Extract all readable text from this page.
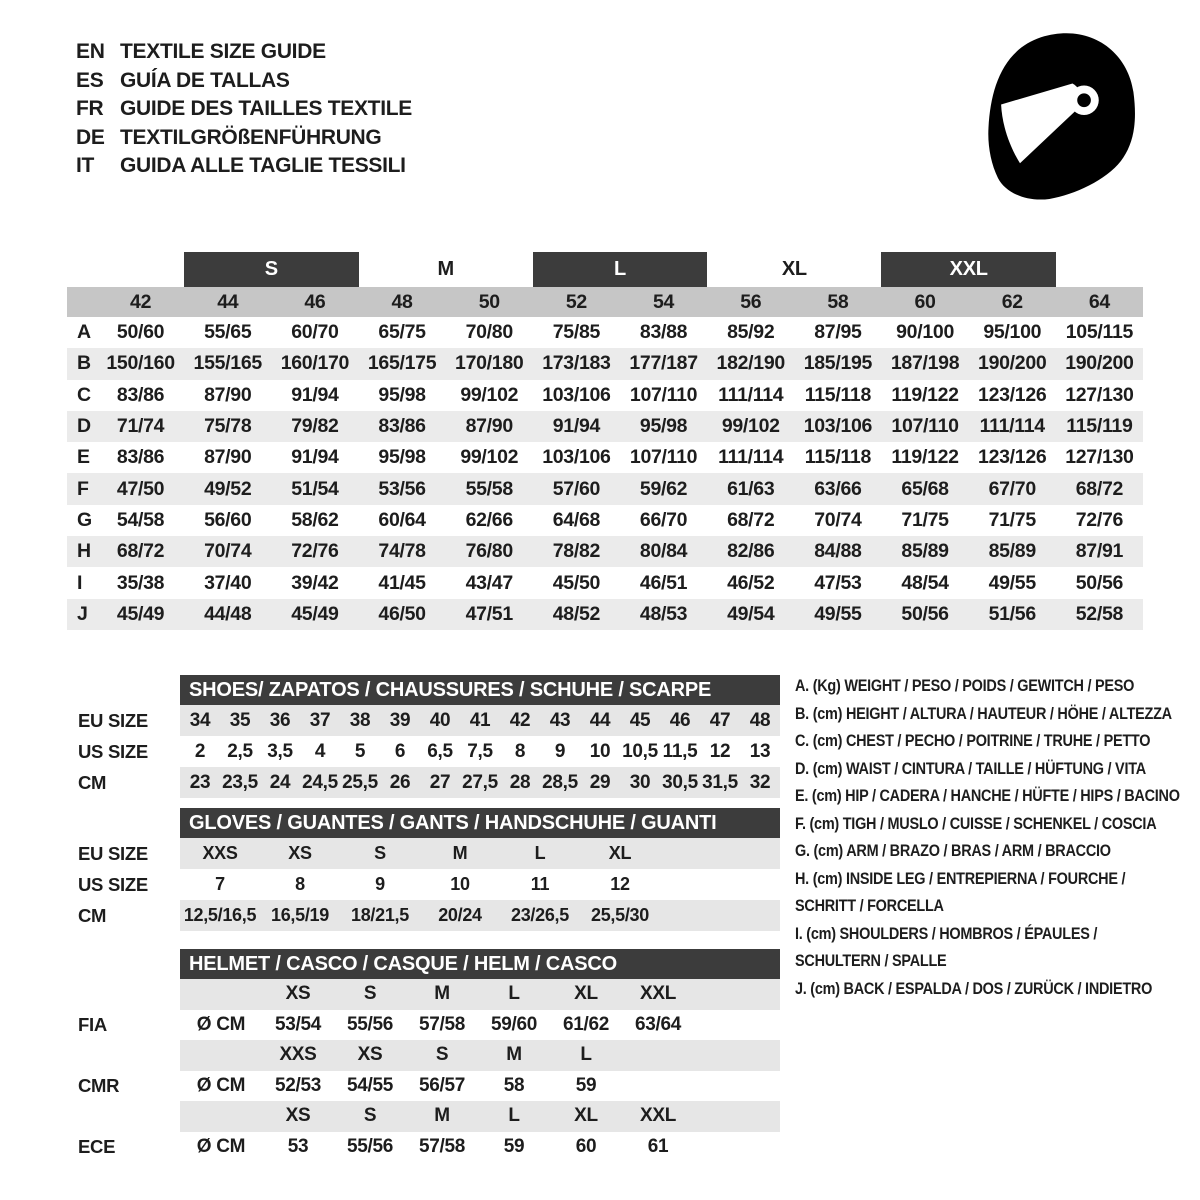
EN TEXTILE SIZE GUIDE
ES GUÍA DE TALLAS
FR GUIDE DES TAILLES TEXTILE
DE TEXTILGRÖßENFÜHRUNG
IT	GUIDA ALLE TAGLIE TESSILI
S	M	L	XL	XXL
42	44	46	48	50	52	54	56	58	60	62	64
A	50/60	55/65	60/70	65/75	70/80	75/85	83/88	85/92	87/95	90/100	95/100	105/115
B 150/160 155/165 160/170 165/175 170/180 173/183 177/187 182/190 185/195 187/198 190/200 190/200
C	83/86	87/90	91/94	95/98	99/102	103/106 107/110	111/114	115/118	119/122 123/126 127/130
D	71/74	75/78	79/82	83/86	87/90	91/94	95/98	99/102	103/106 107/110	111/114	115/119
E	83/86	87/90	91/94	95/98	99/102	103/106 107/110	111/114	115/118	119/122 123/126 127/130
F	47/50	49/52	51/54	53/56	55/58	57/60	59/62	61/63	63/66	65/68	67/70	68/72
G	54/58	56/60	58/62	60/64	62/66	64/68	66/70	68/72	70/74	71/75	71/75	72/76
H	68/72	70/74	72/76	74/78	76/80	78/82	80/84	82/86	84/88	85/89	85/89	87/91
I	35/38	37/40	39/42	41/45	43/47	45/50	46/51	46/52	47/53	48/54	49/55	50/56
J	45/49	44/48	45/49	46/50	47/51	48/52	48/53	49/54	49/55	50/56	51/56	52/58
SHOES/ ZAPATOS / CHAUSSURES / SCHUHE / SCARPE
EU SIZE	34	35	36	37	38	39	40	41	42	43	44	45	46	47	48
US SIZE	2	2,5 3,5	4	5	6	6,5 7,5	8	9	10 10,5 11,5 12	13
CM	23 23,5 24 24,5 25,5 26	27 27,5 28 28,5 29	30 30,5 31,5 32
GLOVES / GUANTES / GANTS / HANDSCHUHE / GUANTI
EU SIZE	XXS	XS	S	M	L	XL
US SIZE	7	8	9	10	11	12
CM	12,5/16,5 16,5/19	18/21,5	20/24	23/26,5	25,5/30
HELMET / CASCO / CASQUE / HELM / CASCO
XS	S	M	L	XL	XXL
FIA	Ø CM	53/54	55/56	57/58	59/60	61/62	63/64
XXS	XS	S	M	L
CMR	Ø CM	52/53	54/55	56/57	58	59
XS	S	M	L	XL	XXL
ECE	Ø CM	53	55/56	57/58	59	60	61
A. (Kg) WEIGHT / PESO / POIDS / GEWITCH / PESO
B. (cm) HEIGHT / ALTURA / HAUTEUR / HÖHE / ALTEZZA
C. (cm) CHEST / PECHO / POITRINE / TRUHE / PETTO
D. (cm) WAIST / CINTURA / TAILLE / HÜFTUNG / VITA
E. (cm) HIP / CADERA / HANCHE / HÜFTE / HIPS / BACINO
F. (cm) TIGH / MUSLO / CUISSE / SCHENKEL / COSCIA
G. (cm) ARM / BRAZO / BRAS / ARM / BRACCIO
H. (cm) INSIDE LEG / ENTREPIERNA / FOURCHE /
SCHRITT / FORCELLA
I. (cm) SHOULDERS / HOMBROS / ÉPAULES /
SCHULTERN / SPALLE
J. (cm) BACK / ESPALDA / DOS / ZURÜCK / INDIETRO
